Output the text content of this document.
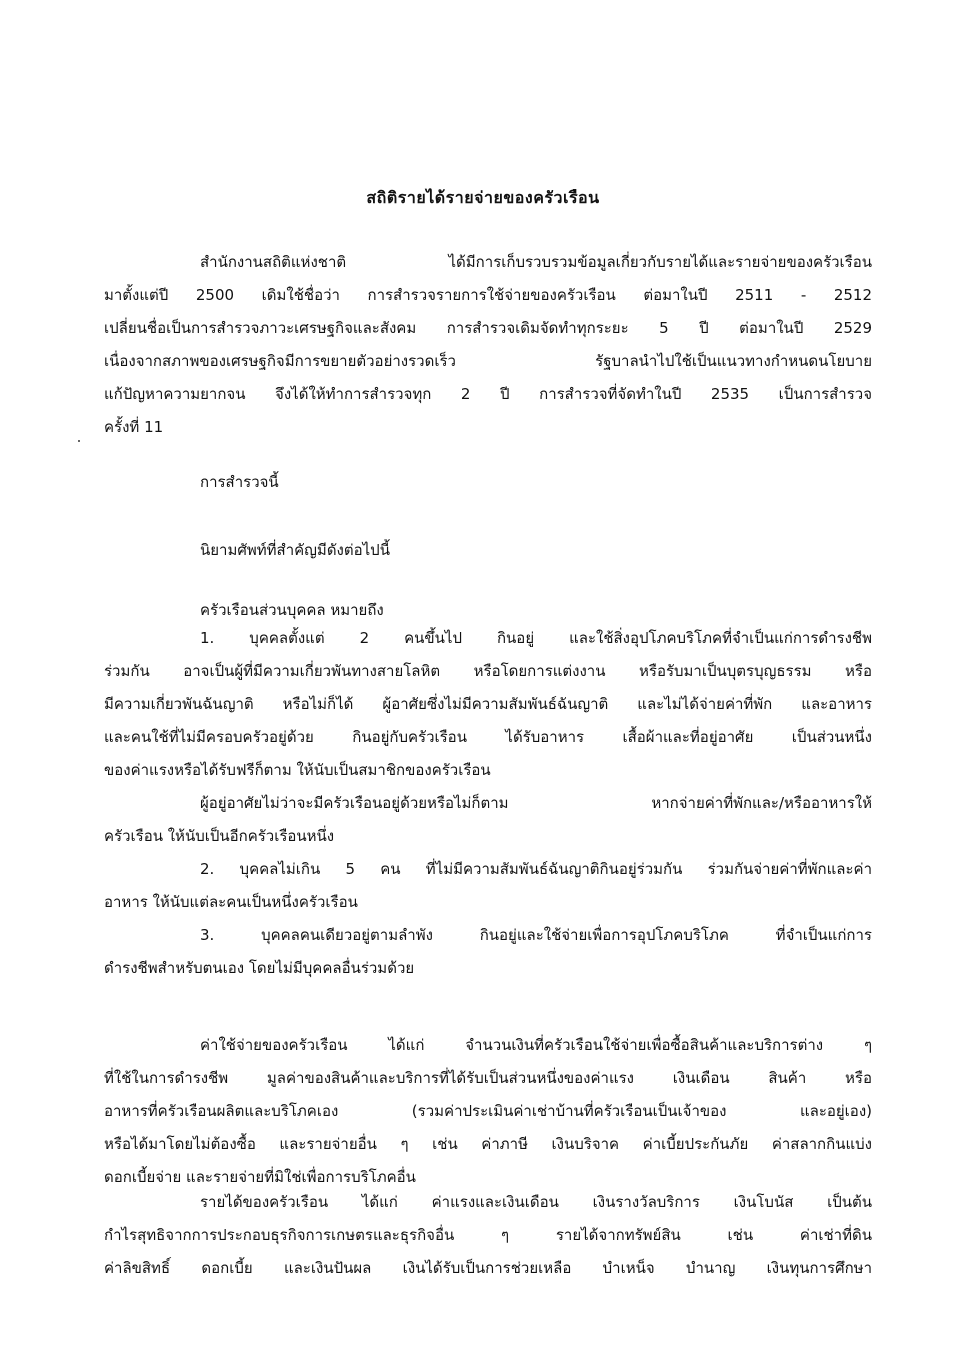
สถิติรายได้รายจ่ายของครัวเรือน
สำนักงานสถิติแห่งชาติ ได้มีการเก็บรวบรวมข้อมูลเกี่ยวกับรายได้และรายจ่ายของครัวเรือน
มาตั้งแต่ปี 2500 เดิมใช้ชื่อว่า การสำรวจรายการใช้จ่ายของครัวเรือน ต่อมาในปี 2511 - 2512
เปลี่ยนชื่อเป็นการสำรวจภาวะเศรษฐกิจและสังคม การสำรวจเดิมจัดทำทุกระยะ 5 ปี ต่อมาในปี 2529
เนื่องจากสภาพของเศรษฐกิจมีการขยายตัวอย่างรวดเร็ว รัฐบาลนำไปใช้เป็นแนวทางกำหนดนโยบาย
แก้ปัญหาความยากจน จึงได้ให้ทำการสำรวจทุก 2 ปี การสำรวจที่จัดทำในปี 2535 เป็นการสำรวจ
ครั้งที่ 11
การสำรวจนี้
นิยามศัพท์ที่สำคัญมีดังต่อไปนี้
ครัวเรือนส่วนบุคคล หมายถึง
1. บุคคลตั้งแต่ 2 คนขึ้นไป กินอยู่ และใช้สิ่งอุปโภคบริโภคที่จำเป็นแก่การดำรงชีพ
ร่วมกัน อาจเป็นผู้ที่มีความเกี่ยวพันทางสายโลหิต หรือโดยการแต่งงาน หรือรับมาเป็นบุตรบุญธรรม หรือ
มีความเกี่ยวพันฉันญาติ หรือไม่ก็ได้ ผู้อาศัยซึ่งไม่มีความสัมพันธ์ฉันญาติ และไม่ได้จ่ายค่าที่พัก และอาหาร
และคนใช้ที่ไม่มีครอบครัวอยู่ด้วย กินอยู่กับครัวเรือน ได้รับอาหาร เสื้อผ้าและที่อยู่อาศัย เป็นส่วนหนึ่ง
ของค่าแรงหรือได้รับฟรีก็ตาม ให้นับเป็นสมาชิกของครัวเรือน
ผู้อยู่อาศัยไม่ว่าจะมีครัวเรือนอยู่ด้วยหรือไม่ก็ตาม หากจ่ายค่าที่พักและ/หรืออาหารให้
ครัวเรือน ให้นับเป็นอีกครัวเรือนหนึ่ง
2. บุคคลไม่เกิน 5 คน ที่ไม่มีความสัมพันธ์ฉันญาติกินอยู่ร่วมกัน ร่วมกันจ่ายค่าที่พักและค่า
อาหาร ให้นับแต่ละคนเป็นหนึ่งครัวเรือน
3. บุคคลคนเดียวอยู่ตามลำพัง กินอยู่และใช้จ่ายเพื่อการอุปโภคบริโภค ที่จำเป็นแก่การ
ดำรงชีพสำหรับตนเอง โดยไม่มีบุคคลอื่นร่วมด้วย
ค่าใช้จ่ายของครัวเรือน ได้แก่ จำนวนเงินที่ครัวเรือนใช้จ่ายเพื่อซื้อสินค้าและบริการต่าง ๆ
ที่ใช้ในการดำรงชีพ มูลค่าของสินค้าและบริการที่ได้รับเป็นส่วนหนึ่งของค่าแรง เงินเดือน สินค้า หรือ
อาหารที่ครัวเรือนผลิตและบริโภคเอง (รวมค่าประเมินค่าเช่าบ้านที่ครัวเรือนเป็นเจ้าของ และอยู่เอง)
หรือได้มาโดยไม่ต้องซื้อ และรายจ่ายอื่น ๆ เช่น ค่าภาษี เงินบริจาค ค่าเบี้ยประกันภัย ค่าสลากกินแบ่ง
ดอกเบี้ยจ่าย และรายจ่ายที่มิใช่เพื่อการบริโภคอื่น
รายได้ของครัวเรือน ได้แก่ ค่าแรงและเงินเดือน เงินรางวัลบริการ เงินโบนัส เป็นต้น
กำไรสุทธิจากการประกอบธุรกิจการเกษตรและธุรกิจอื่น ๆ รายได้จากทรัพย์สิน เช่น ค่าเช่าที่ดิน
ค่าลิขสิทธิ์ ดอกเบี้ย และเงินปันผล เงินได้รับเป็นการช่วยเหลือ บำเหน็จ บำนาญ เงินทุนการศึกษา
